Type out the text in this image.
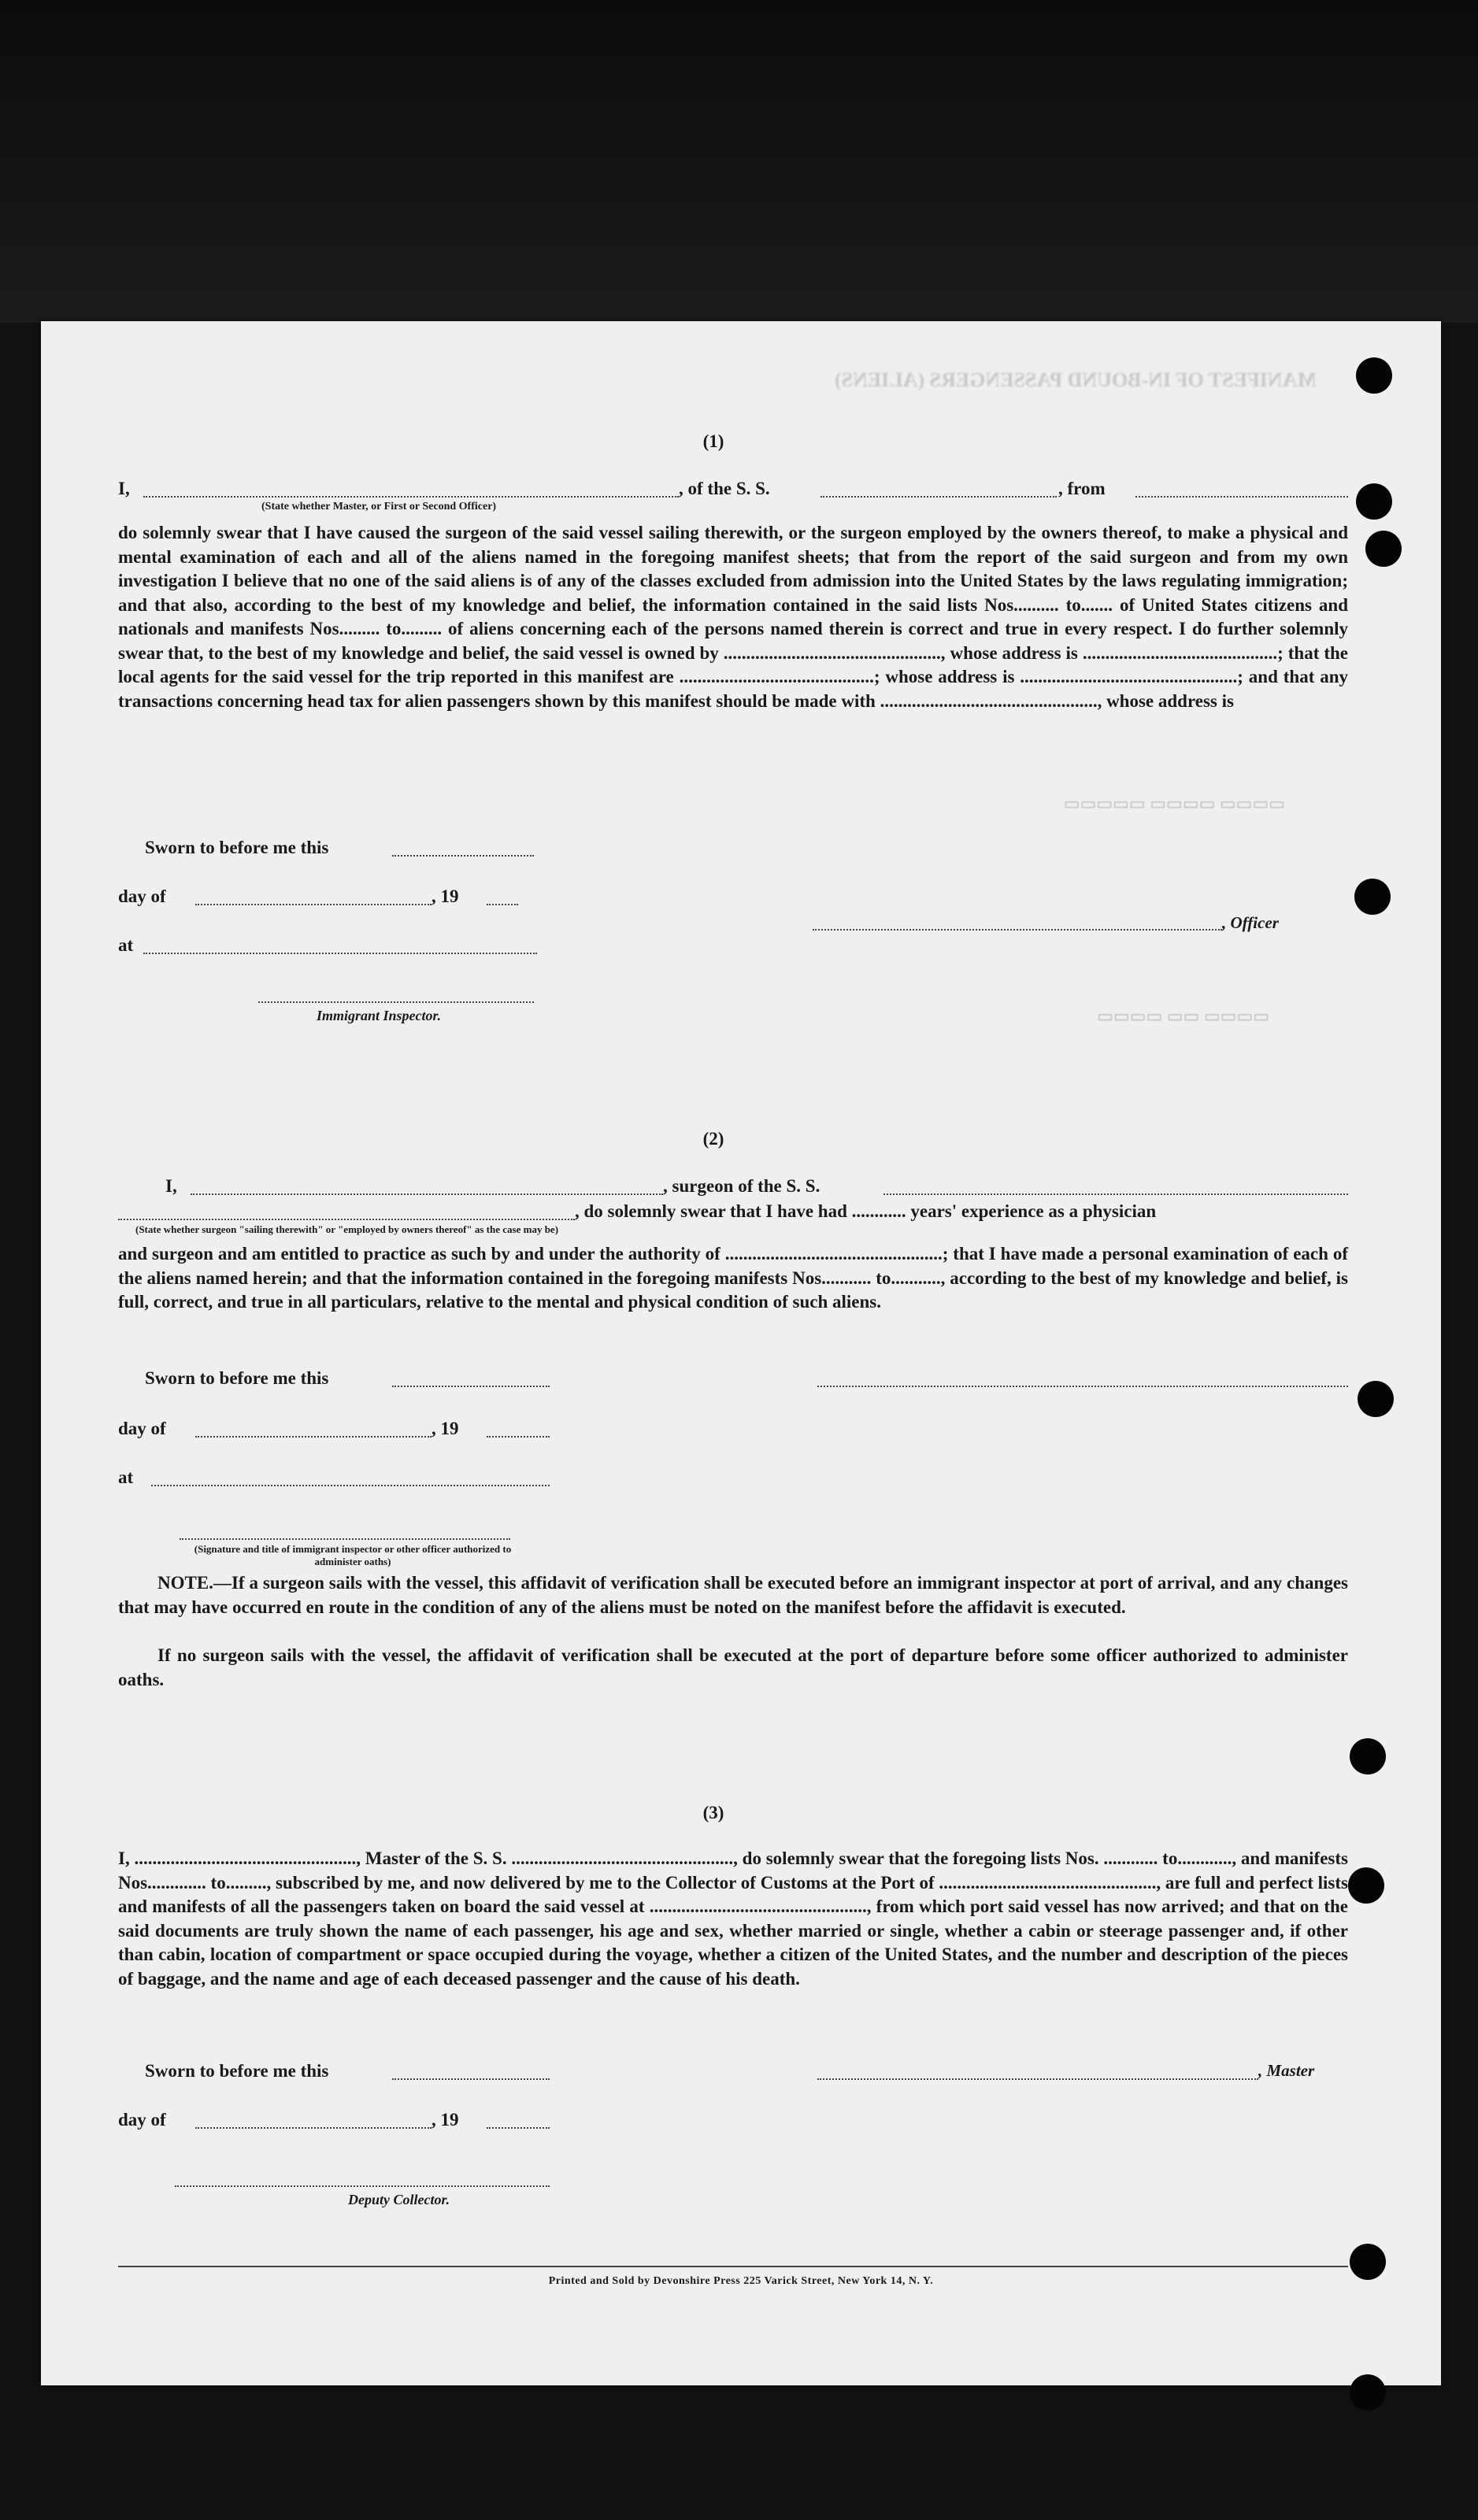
MANIFEST OF IN-BOUND PASSENGERS (ALIENS)
(1)
I,	, of the S. S.	, from
(State whether Master, or First or Second Officer)
do solemnly swear that I have caused the surgeon of the said vessel sailing therewith, or the surgeon employed by the owners thereof, to make a physical and mental examination of each and all of the aliens named in the foregoing manifest sheets; that from the report of the said surgeon and from my own investigation I believe that no one of the said aliens is of any of the classes excluded from admission into the United States by the laws regulating immigration; and that also, according to the best of my knowledge and belief, the information contained in the said lists Nos.......... to....... of United States citizens and nationals and manifests Nos......... to......... of aliens concerning each of the persons named therein is correct and true in every respect. I do further solemnly swear that, to the best of my knowledge and belief, the said vessel is owned by ................................................, whose address is ...........................................; that the local agents for the said vessel for the trip reported in this manifest are ...........................................; whose address is ................................................; and that any transactions concerning head tax for alien passengers shown by this manifest should be made with ................................................, whose address is
Sworn to before me this
day of	, 19
at
, Officer
Immigrant Inspector.
▭▭▭▭ ▭▭▭▭ ▭▭▭▭▭
▭▭▭▭ ▭▭ ▭▭▭▭
(2)
I,	, surgeon of the S. S.
, do solemnly swear that I have had ............ years' experience as a physician
(State whether surgeon "sailing therewith" or "employed by owners thereof" as the case may be)
and surgeon and am entitled to practice as such by and under the authority of ................................................; that I have made a personal examination of each of the aliens named herein; and that the information contained in the foregoing manifests Nos........... to..........., according to the best of my knowledge and belief, is full, correct, and true in all particulars, relative to the mental and physical condition of such aliens.
Sworn to before me this
day of	, 19
at
(Signature and title of immigrant inspector or other officer authorized to administer oaths)
NOTE.—If a surgeon sails with the vessel, this affidavit of verification shall be executed before an immigrant inspector at port of arrival, and any changes that may have occurred en route in the condition of any of the aliens must be noted on the manifest before the affidavit is executed.
If no surgeon sails with the vessel, the affidavit of verification shall be executed at the port of departure before some officer authorized to administer oaths.
(3)
I, ................................................., Master of the S. S. ................................................., do solemnly swear that the foregoing lists Nos. ............ to............, and manifests Nos............. to........., subscribed by me, and now delivered by me to the Collector of Customs at the Port of ................................................, are full and perfect lists and manifests of all the passengers taken on board the said vessel at ................................................, from which port said vessel has now arrived; and that on the said documents are truly shown the name of each passenger, his age and sex, whether married or single, whether a cabin or steerage passenger and, if other than cabin, location of compartment or space occupied during the voyage, whether a citizen of the United States, and the number and description of the pieces of baggage, and the name and age of each deceased passenger and the cause of his death.
Sworn to before me this	, Master
day of	, 19
Deputy Collector.
Printed and Sold by Devonshire Press 225 Varick Street, New York 14, N. Y.
